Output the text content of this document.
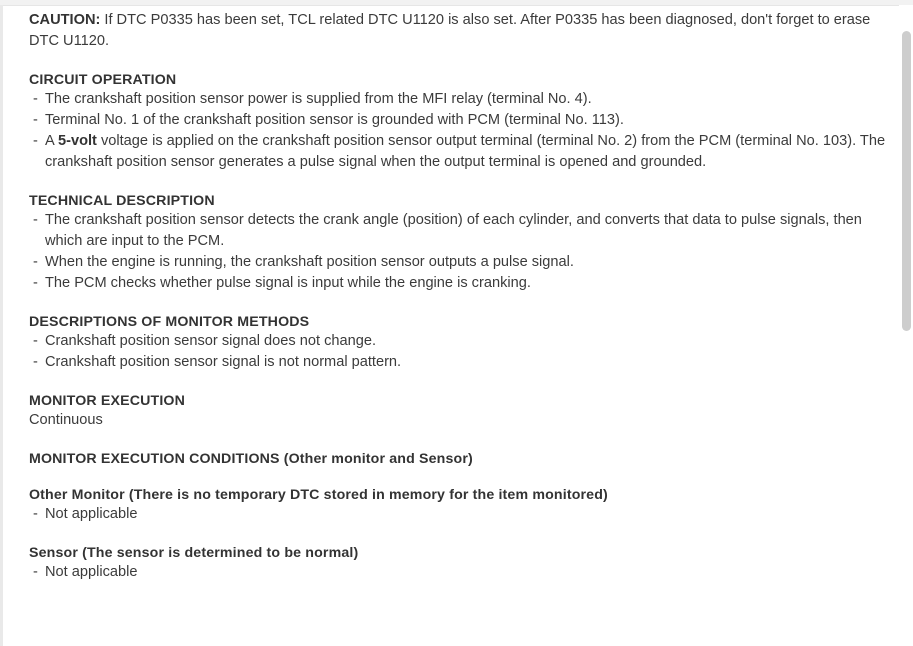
CAUTION: If DTC P0335 has been set, TCL related DTC U1120 is also set. After P0335 has been diagnosed, don't forget to erase DTC U1120.

CIRCUIT OPERATION
- The crankshaft position sensor power is supplied from the MFI relay (terminal No. 4).
- Terminal No. 1 of the crankshaft position sensor is grounded with PCM (terminal No. 113).
- A 5-volt voltage is applied on the crankshaft position sensor output terminal (terminal No. 2) from the PCM (terminal No. 103). The crankshaft position sensor generates a pulse signal when the output terminal is opened and grounded.
TECHNICAL DESCRIPTION
- The crankshaft position sensor detects the crank angle (position) of each cylinder, and converts that data to pulse signals, then which are input to the PCM.
- When the engine is running, the crankshaft position sensor outputs a pulse signal.
- The PCM checks whether pulse signal is input while the engine is cranking.
DESCRIPTIONS OF MONITOR METHODS
- Crankshaft position sensor signal does not change.
- Crankshaft position sensor signal is not normal pattern.
MONITOR EXECUTION

Continuous

MONITOR EXECUTION CONDITIONS (Other monitor and Sensor)
Other Monitor (There is no temporary DTC stored in memory for the item monitored)
- Not applicable
Sensor (The sensor is determined to be normal)
- Not applicable
